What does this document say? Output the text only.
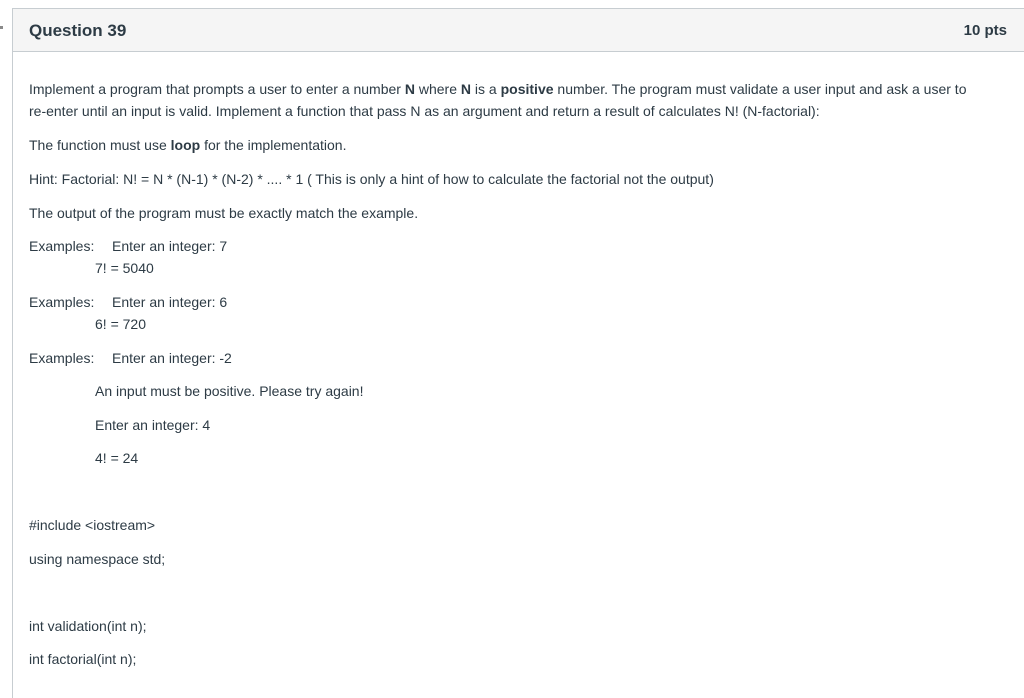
Question 39	10 pts
Implement a program that prompts a user to enter a number N where N is a positive number. The program must validate a user input and ask a user to
re-enter until an input is valid. Implement a function that pass N as an argument and return a result of calculates N! (N-factorial):
The function must use loop for the implementation.
Hint: Factorial: N! = N * (N-1) * (N-2) * .... * 1 ( This is only a hint of how to calculate the factorial not the output)
The output of the program must be exactly match the example.
Examples: Enter an integer: 7
7! = 5040
Examples: Enter an integer: 6
6! = 720
Examples: Enter an integer: -2
An input must be positive. Please try again!
Enter an integer: 4
4! = 24
#include <iostream>
using namespace std;
int validation(int n);
int factorial(int n);
